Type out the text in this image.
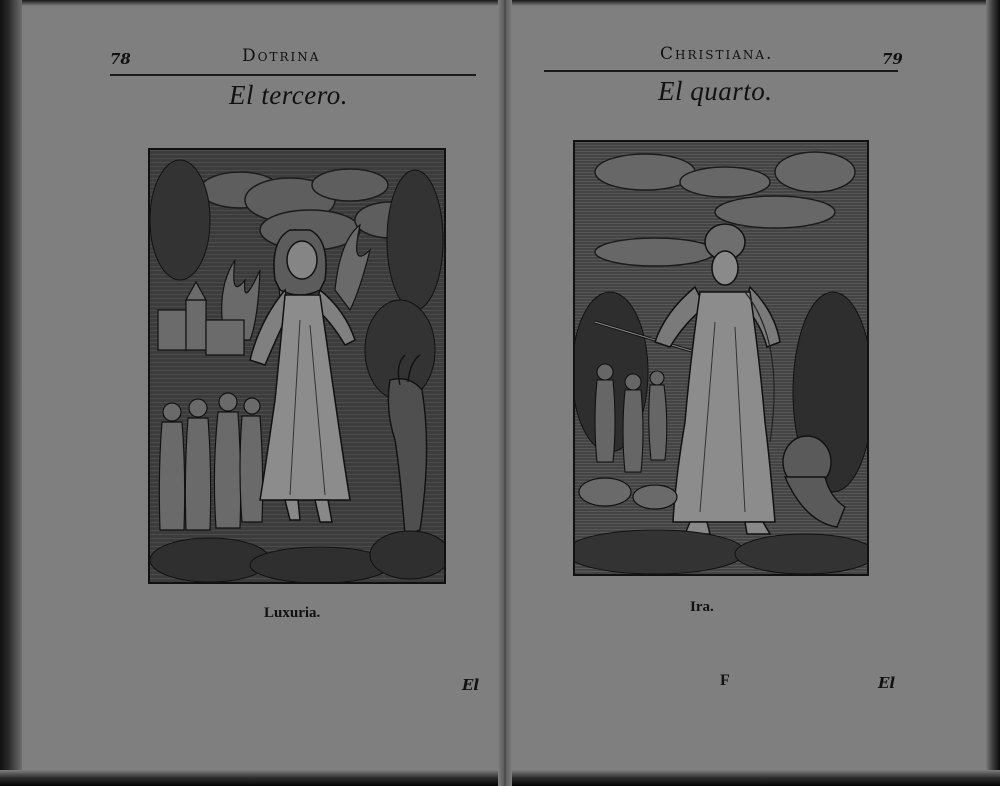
78	Dotrina
El tercero.
Luxuria.
El
Christiana.	79
El quarto.
Ira.
F	El
